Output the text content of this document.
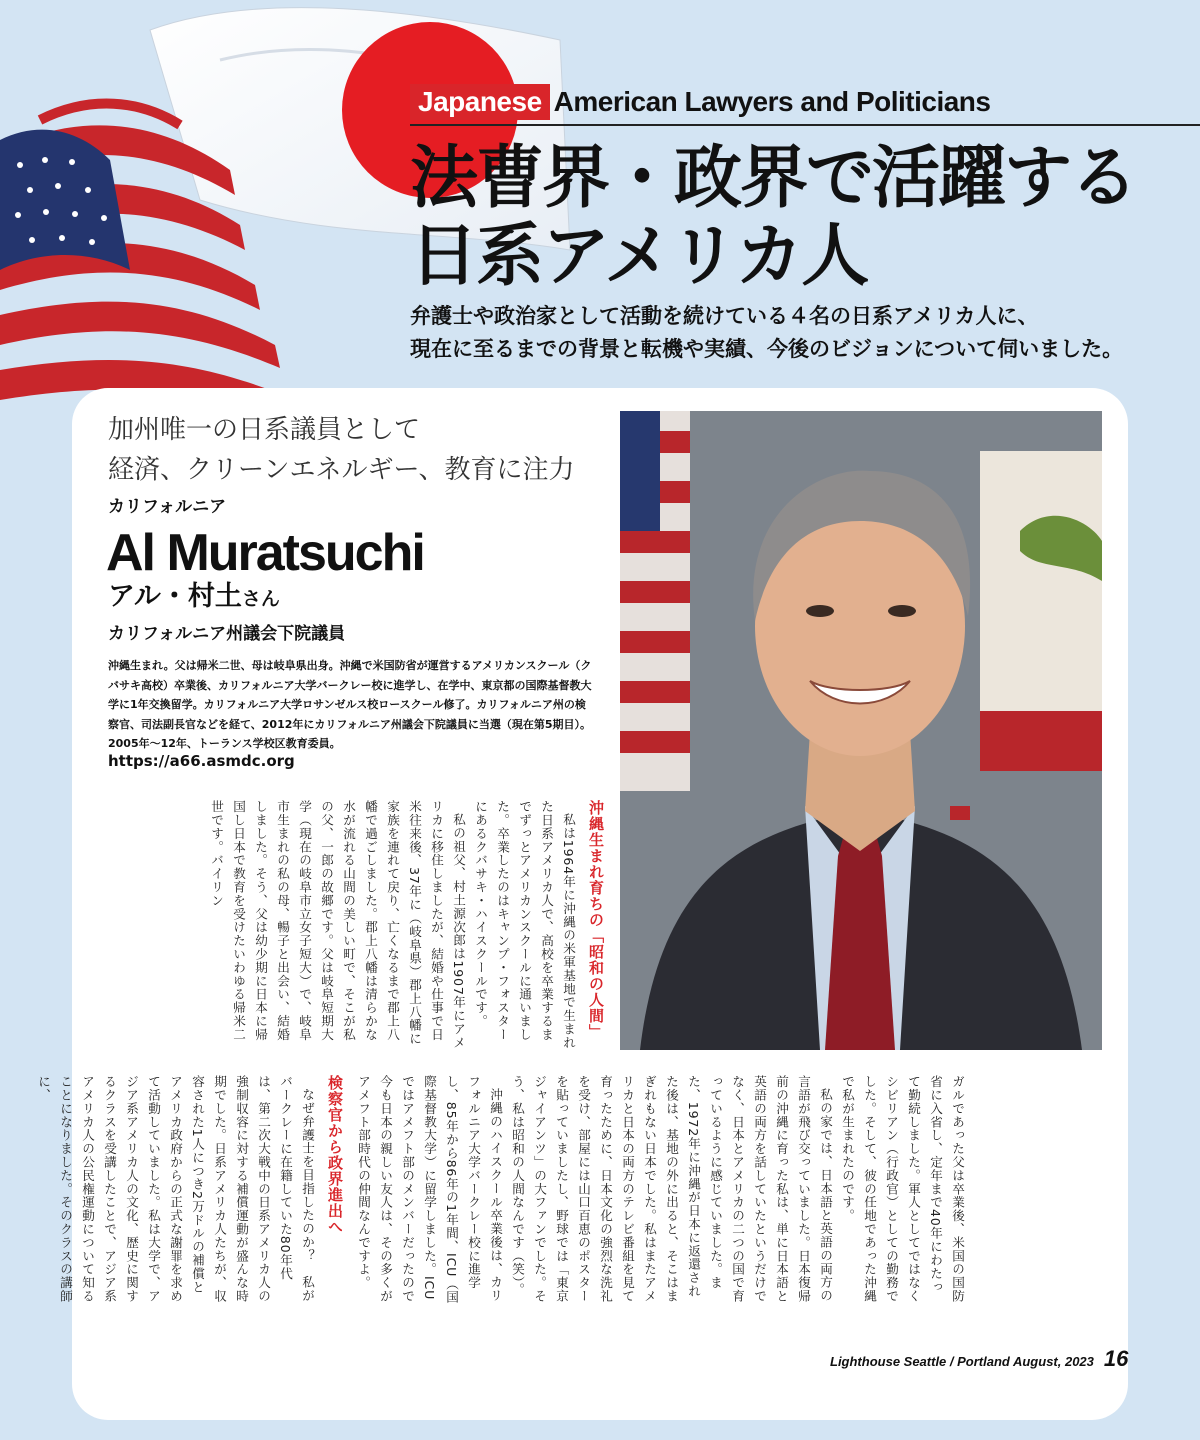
Japanese American Lawyers and Politicians
法曹界・政界で活躍する
日系アメリカ人
弁護士や政治家として活動を続けている４名の日系アメリカ人に、
現在に至るまでの背景と転機や実績、今後のビジョンについて伺いました。
加州唯一の日系議員として
経済、クリーンエネルギー、教育に注力
カリフォルニア
Al Muratsuchi
アル・村土さん
カリフォルニア州議会下院議員
沖縄生まれ。父は帰米二世、母は岐阜県出身。沖縄で米国防省が運営するアメリカンスクール（クバサキ高校）卒業後、カリフォルニア大学バークレー校に進学し、在学中、東京都の国際基督教大学に1年交換留学。カリフォルニア大学ロサンゼルス校ロースクール修了。カリフォルニア州の検察官、司法副長官などを経て、2012年にカリフォルニア州議会下院議員に当選（現在第5期目）。2005年〜12年、トーランス学校区教育委員。
https://a66.asmdc.org
沖縄生まれ育ちの「昭和の人間」

私は1964年に沖縄の米軍基地で生まれた日系アメリカ人で、高校を卒業するまでずっとアメリカンスクールに通いました。卒業したのはキャンプ・フォスターにあるクバサキ・ハイスクールです。

私の祖父、村土源次郎は1907年にアメリカに移住しましたが、結婚や仕事で日米往来後、37年に（岐阜県）郡上八幡に家族を連れて戻り、亡くなるまで郡上八幡で過ごしました。郡上八幡は清らかな水が流れる山間の美しい町で、そこが私の父、一郎の故郷です。父は岐阜短期大学（現在の岐阜市立女子短大）で、岐阜市生まれの私の母、暢子と出会い、結婚しました。そう、父は幼少期に日本に帰国し日本で教育を受けたいわゆる帰米二世です。バイリン

ガルであった父は卒業後、米国の国防省に入省し、定年まで40年にわたって勤続しました。軍人としてではなくシビリアン（行政官）としての勤務でした。そして、彼の任地であった沖縄で私が生まれたのです。

私の家では、日本語と英語の両方の言語が飛び交っていました。日本復帰前の沖縄に育った私は、単に日本語と英語の両方を話していたというだけでなく、日本とアメリカの二つの国で育っているように感じていました。また、1972年に沖縄が日本に返還された後は、基地の外に出ると、そこはまぎれもない日本でした。私はまたアメリカと日本の両方のテレビ番組を見て育ったために、日本文化の強烈な洗礼を受け、部屋には山口百恵のポスターを貼っていましたし、野球では「東京ジャイアンツ」の大ファンでした。そう、私は昭和の人間なんです（笑）。

沖縄のハイスクール卒業後は、カリフォルニア大学バークレー校に進学し、85年から86年の1年間、ICU（国際基督教大学）に留学しました。ICUではアメフト部のメンバーだったので今も日本の親しい友人は、その多くがアメフト部時代の仲間なんですよ。

検察官から政界進出へ

なぜ弁護士を目指したのか？　私がバークレーに在籍していた80年代は、第二次大戦中の日系アメリカ人の強制収容に対する補償運動が盛んな時期でした。日系アメリカ人たちが、収容された1人につき2万ドルの補償とアメリカ政府からの正式な謝罪を求めて活動していました。私は大学で、アジア系アメリカ人の文化、歴史に関するクラスを受講したことで、アジア系アメリカ人の公民権運動について知ることになりました。そのクラスの講師に、

Lighthouse Seattle / Portland August, 2023 16
